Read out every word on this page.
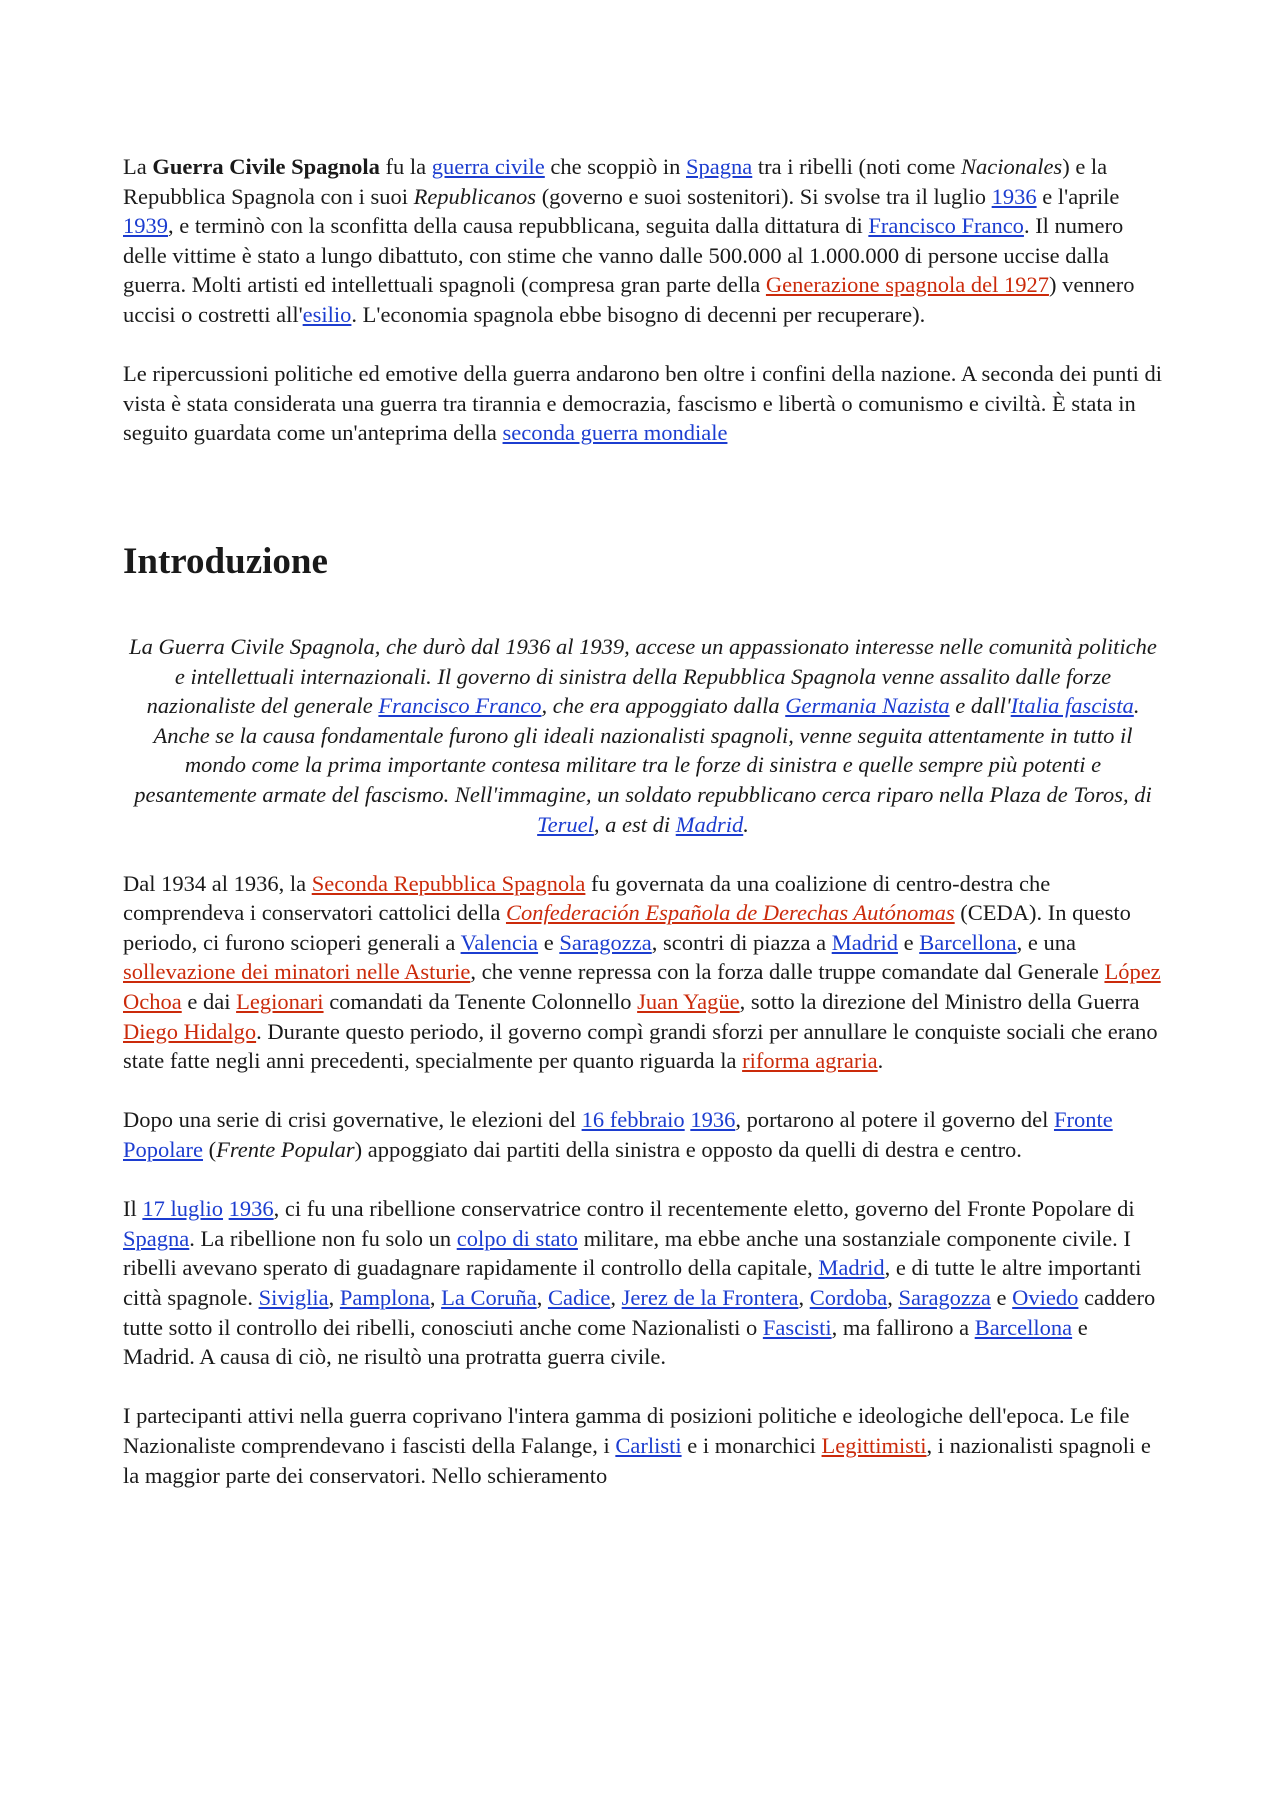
La Guerra Civile Spagnola fu la guerra civile che scoppiò in Spagna tra i ribelli (noti come Nacionales) e la Repubblica Spagnola con i suoi Republicanos (governo e suoi sostenitori). Si svolse tra il luglio 1936 e l'aprile 1939, e terminò con la sconfitta della causa repubblicana, seguita dalla dittatura di Francisco Franco. Il numero delle vittime è stato a lungo dibattuto, con stime che vanno dalle 500.000 al 1.000.000 di persone uccise dalla guerra. Molti artisti ed intellettuali spagnoli (compresa gran parte della Generazione spagnola del 1927) vennero uccisi o costretti all'esilio. L'economia spagnola ebbe bisogno di decenni per recuperare).

Le ripercussioni politiche ed emotive della guerra andarono ben oltre i confini della nazione. A seconda dei punti di vista è stata considerata una guerra tra tirannia e democrazia, fascismo e libertà o comunismo e civiltà. È stata in seguito guardata come un'anteprima della seconda guerra mondiale

Introduzione

La Guerra Civile Spagnola, che durò dal 1936 al 1939, accese un appassionato interesse nelle comunità politiche e intellettuali internazionali. Il governo di sinistra della Repubblica Spagnola venne assalito dalle forze nazionaliste del generale Francisco Franco, che era appoggiato dalla Germania Nazista e dall'Italia fascista. Anche se la causa fondamentale furono gli ideali nazionalisti spagnoli, venne seguita attentamente in tutto il mondo come la prima importante contesa militare tra le forze di sinistra e quelle sempre più potenti e pesantemente armate del fascismo. Nell'immagine, un soldato repubblicano cerca riparo nella Plaza de Toros, di Teruel, a est di Madrid.

Dal 1934 al 1936, la Seconda Repubblica Spagnola fu governata da una coalizione di centro-destra che comprendeva i conservatori cattolici della Confederación Española de Derechas Autónomas (CEDA). In questo periodo, ci furono scioperi generali a Valencia e Saragozza, scontri di piazza a Madrid e Barcellona, e una sollevazione dei minatori nelle Asturie, che venne repressa con la forza dalle truppe comandate dal Generale López Ochoa e dai Legionari comandati da Tenente Colonnello Juan Yagüe, sotto la direzione del Ministro della Guerra Diego Hidalgo. Durante questo periodo, il governo compì grandi sforzi per annullare le conquiste sociali che erano state fatte negli anni precedenti, specialmente per quanto riguarda la riforma agraria.

Dopo una serie di crisi governative, le elezioni del 16 febbraio 1936, portarono al potere il governo del Fronte Popolare (Frente Popular) appoggiato dai partiti della sinistra e opposto da quelli di destra e centro.

Il 17 luglio 1936, ci fu una ribellione conservatrice contro il recentemente eletto, governo del Fronte Popolare di Spagna. La ribellione non fu solo un colpo di stato militare, ma ebbe anche una sostanziale componente civile. I ribelli avevano sperato di guadagnare rapidamente il controllo della capitale, Madrid, e di tutte le altre importanti città spagnole. Siviglia, Pamplona, La Coruña, Cadice, Jerez de la Frontera, Cordoba, Saragozza e Oviedo caddero tutte sotto il controllo dei ribelli, conosciuti anche come Nazionalisti o Fascisti, ma fallirono a Barcellona e Madrid. A causa di ciò, ne risultò una protratta guerra civile.

I partecipanti attivi nella guerra coprivano l'intera gamma di posizioni politiche e ideologiche dell'epoca. Le file Nazionaliste comprendevano i fascisti della Falange, i Carlisti e i monarchici Legittimisti, i nazionalisti spagnoli e la maggior parte dei conservatori. Nello schieramento
